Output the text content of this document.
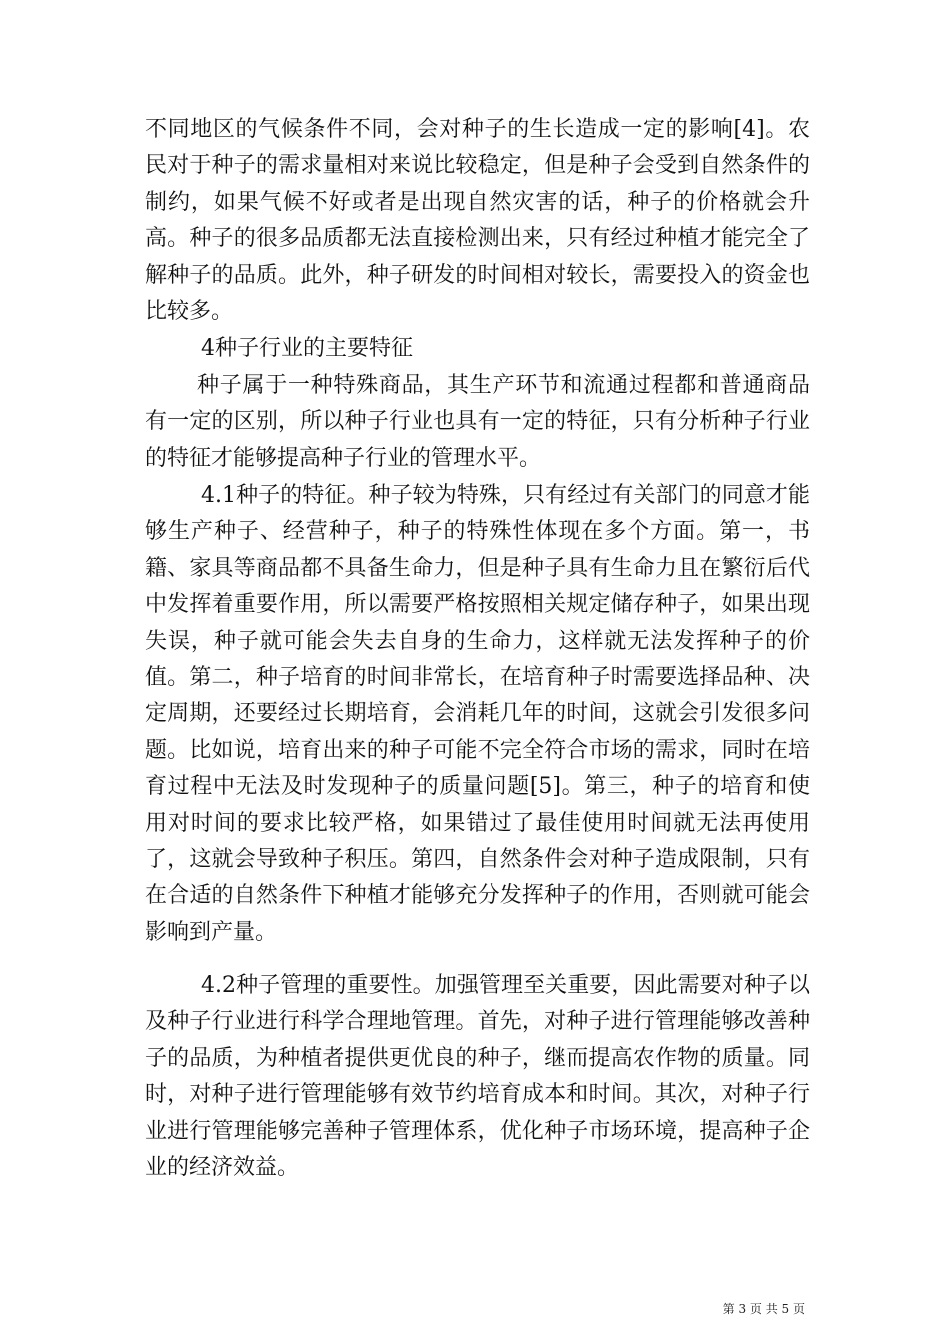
不同地区的气候条件不同，会对种子的生长造成一定的影响[4]。农民对于种子的需求量相对来说比较稳定，但是种子会受到自然条件的制约，如果气候不好或者是出现自然灾害的话，种子的价格就会升高。种子的很多品质都无法直接检测出来，只有经过种植才能完全了解种子的品质。此外，种子研发的时间相对较长，需要投入的资金也比较多。

4种子行业的主要特征

种子属于一种特殊商品，其生产环节和流通过程都和普通商品有一定的区别，所以种子行业也具有一定的特征，只有分析种子行业的特征才能够提高种子行业的管理水平。

4.1种子的特征。种子较为特殊，只有经过有关部门的同意才能够生产种子、经营种子，种子的特殊性体现在多个方面。第一，书籍、家具等商品都不具备生命力，但是种子具有生命力且在繁衍后代中发挥着重要作用，所以需要严格按照相关规定储存种子，如果出现失误，种子就可能会失去自身的生命力，这样就无法发挥种子的价值。第二，种子培育的时间非常长，在培育种子时需要选择品种、决定周期，还要经过长期培育，会消耗几年的时间，这就会引发很多问题。比如说，培育出来的种子可能不完全符合市场的需求，同时在培育过程中无法及时发现种子的质量问题[5]。第三，种子的培育和使用对时间的要求比较严格，如果错过了最佳使用时间就无法再使用了，这就会导致种子积压。第四，自然条件会对种子造成限制，只有在合适的自然条件下种植才能够充分发挥种子的作用，否则就可能会影响到产量。

4.2种子管理的重要性。加强管理至关重要，因此需要对种子以及种子行业进行科学合理地管理。首先，对种子进行管理能够改善种子的品质，为种植者提供更优良的种子，继而提高农作物的质量。同时，对种子进行管理能够有效节约培育成本和时间。其次，对种子行业进行管理能够完善种子管理体系，优化种子市场环境，提高种子企业的经济效益。

第 3 页 共 5 页
